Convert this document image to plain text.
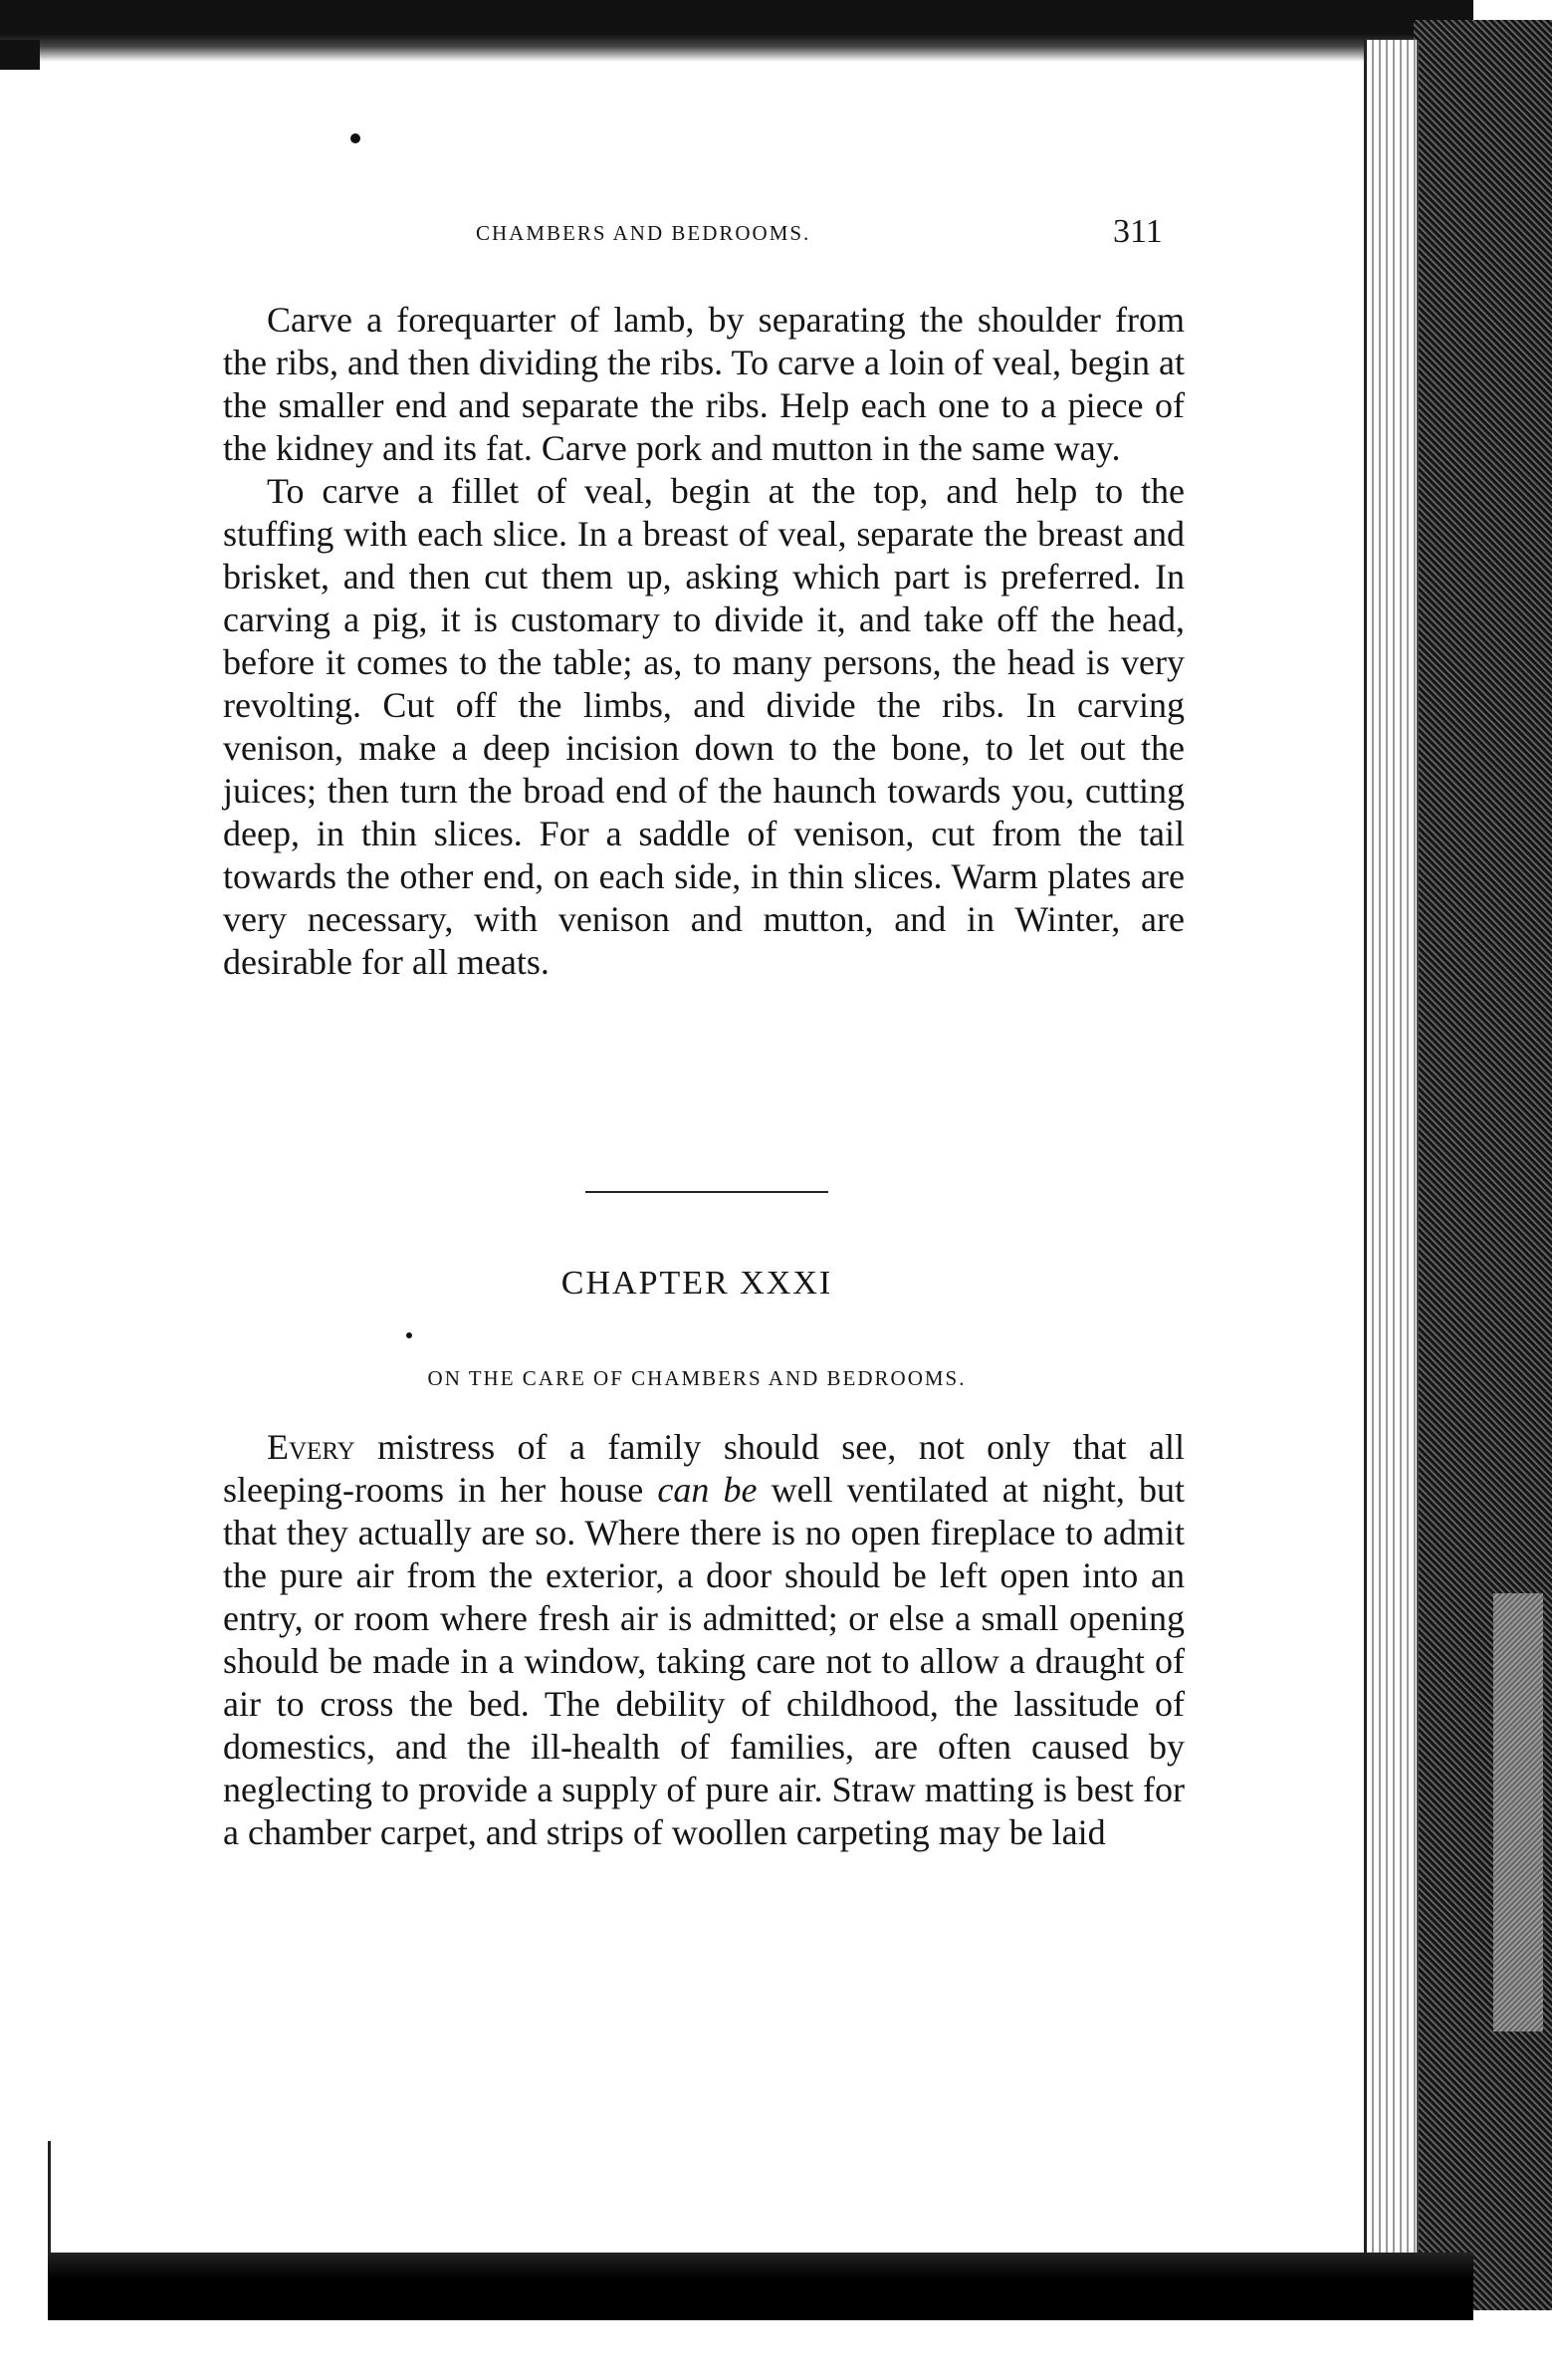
CHAMBERS AND BEDROOMS.	311

Carve a forequarter of lamb, by separating the shoulder from the ribs, and then dividing the ribs. To carve a loin of veal, begin at the smaller end and separate the ribs. Help each one to a piece of the kidney and its fat. Carve pork and mutton in the same way.

To carve a fillet of veal, begin at the top, and help to the stuffing with each slice. In a breast of veal, separate the breast and brisket, and then cut them up, asking which part is preferred. In carving a pig, it is customary to divide it, and take off the head, before it comes to the table; as, to many persons, the head is very revolting. Cut off the limbs, and divide the ribs. In carving venison, make a deep incision down to the bone, to let out the juices; then turn the broad end of the haunch towards you, cutting deep, in thin slices. For a saddle of venison, cut from the tail towards the other end, on each side, in thin slices. Warm plates are very necessary, with venison and mutton, and in Winter, are desirable for all meats.

CHAPTER XXXI
ON THE CARE OF CHAMBERS AND BEDROOMS.

Every mistress of a family should see, not only that all sleeping-rooms in her house can be well ventilated at night, but that they actually are so. Where there is no open fireplace to admit the pure air from the exterior, a door should be left open into an entry, or room where fresh air is admitted; or else a small opening should be made in a window, taking care not to allow a draught of air to cross the bed. The debility of childhood, the lassitude of domestics, and the ill-health of families, are often caused by neglecting to provide a supply of pure air. Straw matting is best for a chamber carpet, and strips of woollen carpeting may be laid
